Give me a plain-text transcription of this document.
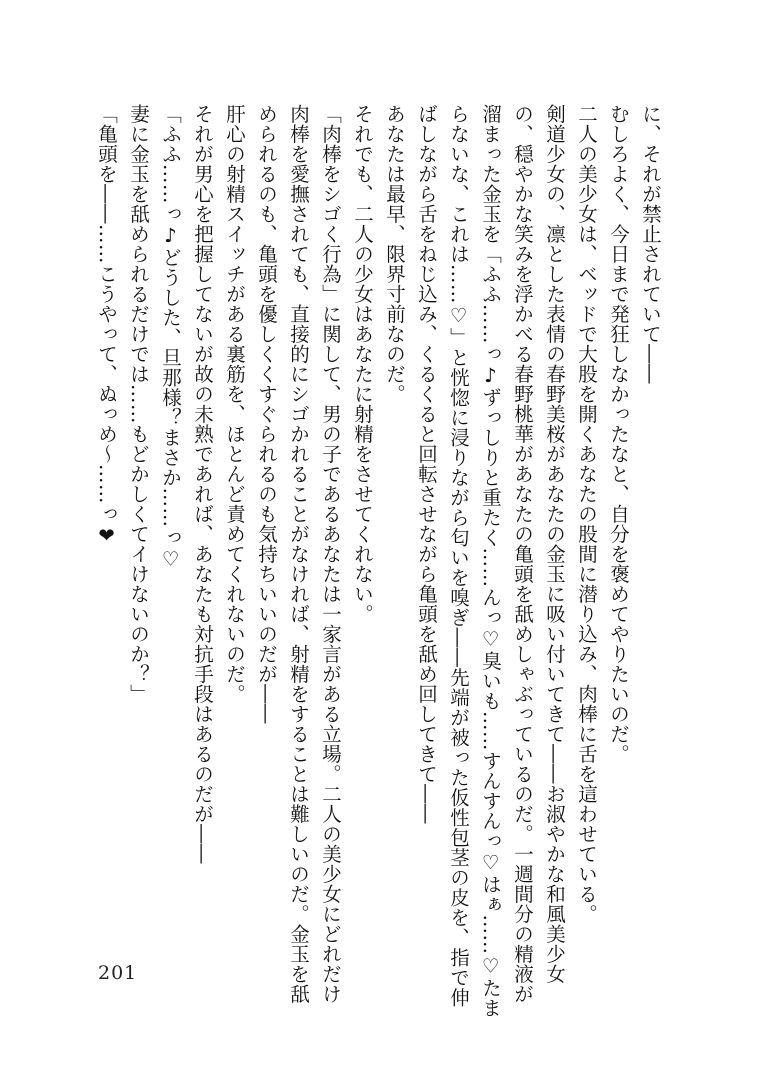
に、それが禁止されていて――
むしろよく、今日まで発狂しなかったなと、自分を褒めてやりたいのだ。
二人の美少女は、ベッドで大股を開くあなたの股間に潜り込み、肉棒に舌を這わせている。
剣道少女の、凛とした表情の春野美桜があなたの金玉に吸い付いてきて――お淑やかな和風美少女
の、穏やかな笑みを浮かべる春野桃華があなたの亀頭を舐めしゃぶっているのだ。一週間分の精液が
溜まった金玉を「ふふ……っ♪ずっしりと重たく……んっ♡臭いも……すんすんっ♡はぁ……♡たま
らないな、これは……♡」と恍惚に浸りながら匂いを嗅ぎ――先端が被った仮性包茎の皮を、指で伸
ばしながら舌をねじ込み、くるくると回転させながら亀頭を舐め回してきて――
あなたは最早、限界寸前なのだ。
それでも、二人の少女はあなたに射精をさせてくれない。
「肉棒をシゴく行為」に関して、男の子であるあなたは一家言がある立場。二人の美少女にどれだけ
肉棒を愛撫されても、直接的にシゴかれることがなければ、射精をすることは難しいのだ。金玉を舐
められるのも、亀頭を優しくくすぐられるのも気持ちいいのだが――
肝心の射精スイッチがある裏筋を、ほとんど責めてくれないのだ。
それが男心を把握してないが故の未熟であれば、あなたも対抗手段はあるのだが――
「ふふ……っ♪どうした、旦那様？まさか……っ♡
妻に金玉を舐められるだけでは……もどかしくてイけないのか？」
「亀頭を――……こうやって、ぬっめ～……っ❤
201
